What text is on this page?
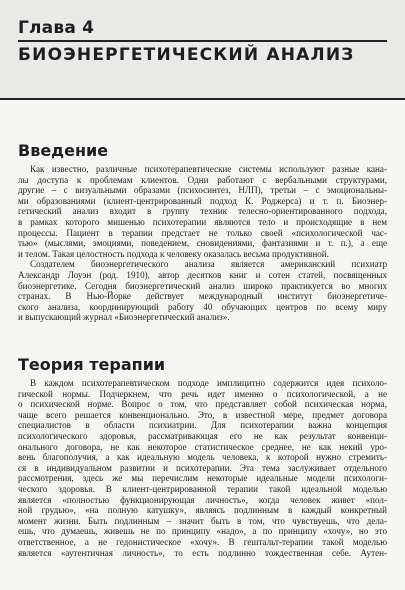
Глава 4
БИОЭНЕРГЕТИЧЕСКИЙ АНАЛИЗ
Введение
Как известно, различные психотерапевтические системы используют разные кана-
лы доступа к проблемам клиентов. Одни работают с вербальными структурами,
другие – с визуальными образами (психосинтез, НЛП), третьи – с эмоциональны-
ми образованиями (клиент-центрированный подход К. Роджерса) и т. п. Биоэнер-
гетический анализ входит в группу техник телесно-ориентированного подхода,
в рамках которого мишенью психотерапии являются тело и происходящие в нем
процессы. Пациент в терапии предстает не только своей «психологической час-
тью» (мыслями, эмоциями, поведением, сновидениями, фантазиями и т. п.), а еще
и телом. Такая целостность подхода к человеку оказалась весьма продуктивной.
Создателем биоэнергетического анализа является американский психиатр
Александр Лоуэн (род. 1910), автор десятков книг и сотен статей, посвященных
биоэнергетике. Сегодня биоэнергетический анализ широко практикуется во многих
странах. В Нью-Йорке действует международный институт биоэнергетиче-
ского анализа, координирующий работу 40 обучающих центров по всему миру
и выпускающий журнал «Биоэнергетический анализ».
Теория терапии
В каждом психотерапевтическом подходе имплицитно содержится идея психоло-
гической нормы. Подчеркнем, что речь идет именно о психологической, а не
о психической норме. Вопрос о том, что представляет собой психическая норма,
чаще всего решается конвенционально. Это, в известной мере, предмет договора
специалистов в области психиатрии. Для психотерапии важна концепция
психологического здоровья, рассматривающая его не как результат конвенци-
онального договора, не как некоторое статистическое среднее, не как некий уро-
вень благополучия, а как идеальную модель человека, к которой нужно стремить-
ся в индивидуальном развитии и психотерапии. Эта тема заслуживает отдельного
рассмотрения, здесь же мы перечислим некоторые идеальные модели психологи-
ческого здоровья. В клиент-центрированной терапии такой идеальной моделью
является «полностью функционирующая личность», когда человек живет «пол-
ной грудью», «на полную катушку», являясь подлинным в каждый конкретный
момент жизни. Быть подлинным – значит быть в том, что чувствуешь, что дела-
ешь, что думаешь, живешь не по принципу «надо», а по принципу «хочу», но это
ответственное, а не гедонистическое «хочу». В гештальт-терапии такой моделью
является «аутентичная личность», то есть подлинно тождественная себе. Аутен-
